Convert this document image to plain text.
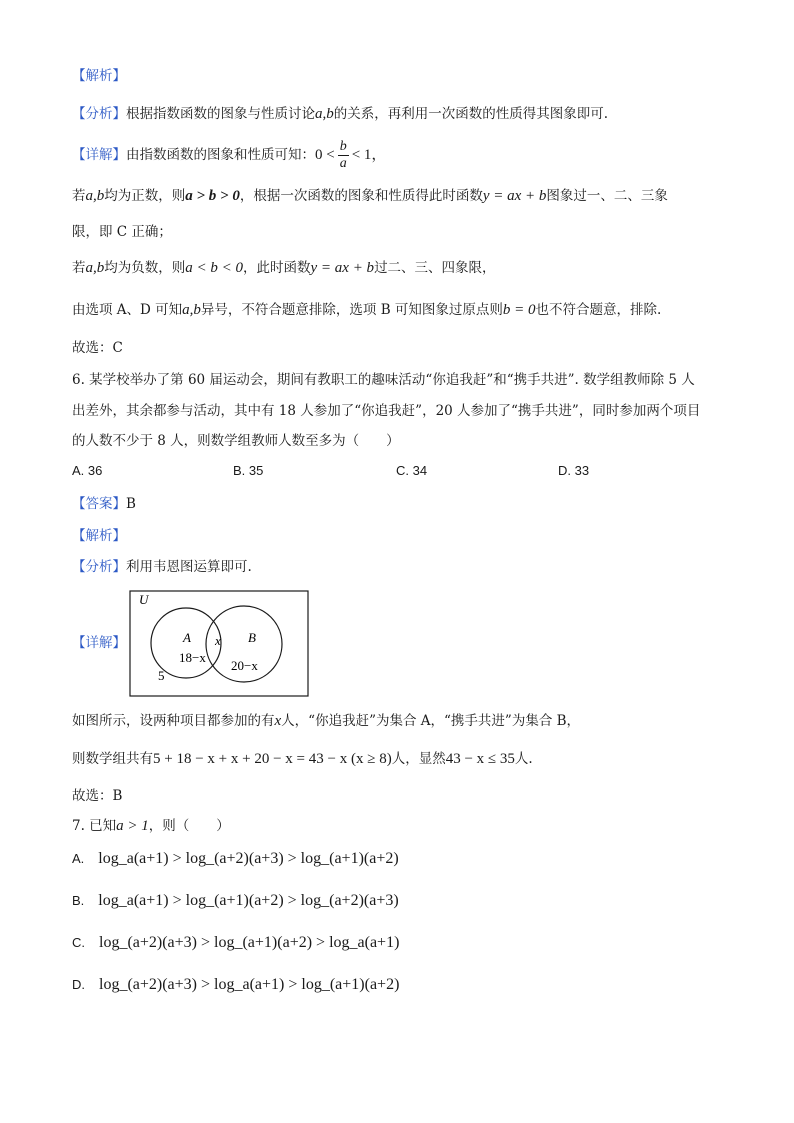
【解析】
【分析】根据指数函数的图象与性质讨论a,b的关系，再利用一次函数的性质得其图象即可.
【详解】由指数函数的图象和性质可知：$0 < \frac{b}{a} < 1$，
若a,b均为正数，则a > b > 0，根据一次函数的图象和性质得此时函数y = ax + b图象过一、二、三象
限，即 C 正确；
若a,b均为负数，则a < b < 0，此时函数y = ax + b过二、三、四象限，
由选项 A、D 可知a,b异号，不符合题意排除，选项 B 可知图象过原点则b = 0也不符合题意，排除.
故选：C
6. 某学校举办了第 60 届运动会，期间有教职工的趣味活动“你追我赶”和“携手共进”. 数学组教师除 5 人
出差外，其余都参与活动，其中有 18 人参加了“你追我赶”，20 人参加了“携手共进”，同时参加两个项目
的人数不少于 8 人，则数学组教师人数至多为（　　）
A. 36	B. 35	C. 34	D. 33
【答案】B
【解析】
【分析】利用韦恩图运算即可.
【详解】
U
A	B
x
18−x
20−x
5
如图所示，设两种项目都参加的有x人，“你追我赶”为集合 A，“携手共进”为集合 B，
则数学组共有5 + 18 − x + x + 20 − x = 43 − x (x ≥ 8)人，显然43 − x ≤ 35人.
故选：B
7. 已知a > 1，则（　　）
A. log_a(a+1) > log_(a+2)(a+3) > log_(a+1)(a+2)
B. log_a(a+1) > log_(a+1)(a+2) > log_(a+2)(a+3)
C. log_(a+2)(a+3) > log_(a+1)(a+2) > log_a(a+1)
D. log_(a+2)(a+3) > log_a(a+1) > log_(a+1)(a+2)
